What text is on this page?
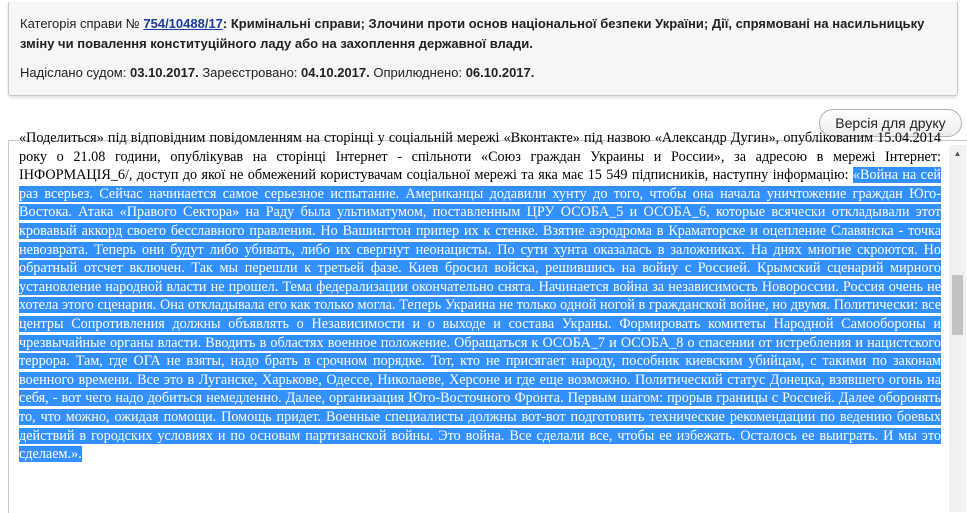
Категорія справи № 754/10488/17: Кримінальні справи; Злочини проти основ національної безпеки України; Дії, спрямовані на насильницьку зміну чи повалення конституційного ладу або на захоплення державної влади.
Надіслано судом: 03.10.2017. Зареєстровано: 04.10.2017. Оприлюднено: 06.10.2017.
Версія для друку
«Поделиться» під відповідним повідомленням на сторінці у соціальній мережі «Вконтакте» під назвою «Александр Дугин», опублікованим 15.04.2014 року о 21.08 години, опублікував на сторінці Інтернет - спільноти «Союз граждан Украины и России», за адресою в мережі Інтернет: ІНФОРМАЦІЯ_6/, доступ до якої не обмежений користувачам соціальної мережі та яка має 15 549 підписників, наступну інформацію: «Война на сей раз всерьез. Сейчас начинается самое серьезное испытание. Американцы додавили хунту до того, чтобы она начала уничтожение граждан Юго-Востока. Атака «Правого Сектора» на Раду была ультиматумом, поставленным ЦРУ ОСОБА_5 и ОСОБА_6, которые всячески откладывали этот кровавый аккорд своего бесславного правления. Но Вашингтон припер их к стенке. Взятие аэродрома в Краматорске и оцепление Славянска - точка невозврата. Теперь они будут либо убивать, либо их свергнут неонацисты. По сути хунта оказалась в заложниках. На днях многие скроются. Но обратный отсчет включен. Так мы перешли к третьей фазе. Киев бросил войска, решившись на войну с Россией. Крымский сценарий мирного установление народной власти не прошел. Тема федерализации окончательно снята. Начинается война за независимость Новороссии. Россия очень не хотела этого сценария. Она откладывала его как только могла. Теперь Украина не только одной ногой в гражданской войне, но двумя. Политически: все центры Сопротивления должны объявлять о Независимости и о выходе и состава Украны. Формировать комитеты Народной Самообороны и чрезвычайные органы власти. Вводить в областях военное положение. Обращаться к ОСОБА_7 и ОСОБА_8 о спасении от истребления и нацистского террора. Там, где ОГА не взяты, надо брать в срочном порядке. Тот, кто не присягает народу, пособник киевским убийцам, с такими по законам военного времени. Все это в Луганске, Харькове, Одессе, Николаеве, Херсоне и где еще возможно. Политический статус Донецка, взявшего огонь на себя, - вот чего надо добиться немедленно. Далее, организация Юго-Восточного Фронта. Первым шагом: прорыв границы с Россией. Далее оборонять то, что можно, ожидая помощи. Помощь придет. Военные специалисты должны вот-вот подготовить технические рекомендации по ведению боевых действий в городских условиях и по основам партизанской войны. Это война. Все сделали все, чтобы ее избежать. Осталось ее выиграть. И мы это сделаем.».
▲
